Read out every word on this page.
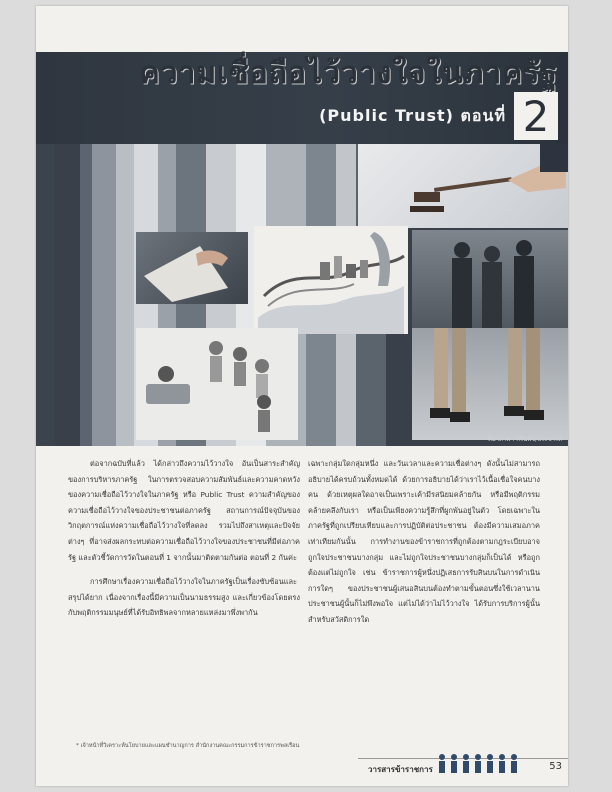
ความเชื่อถือไว้วางใจในภาครัฐ
(Public Trust) ตอนที่ 2
ที่มาภาพ : กรีนพีซ/ประชาไท

ต่อจากฉบับที่แล้ว ได้กล่าวถึงความไว้วางใจ อันเป็นสาระสำคัญของการบริหารภาครัฐ ในการตรวจสอบความสัมพันธ์และความคาดหวังของความเชื่อถือไว้วางใจในภาครัฐ หรือ Public Trust ความสำคัญของความเชื่อถือไว้วางใจของประชาชนต่อภาครัฐ สถานการณ์ปัจจุบันของวิกฤตการณ์แห่งความเชื่อถือไว้วางใจที่ลดลง รวมไปถึงสาเหตุและปัจจัยต่างๆ ที่อาจส่งผลกระทบต่อความเชื่อถือไว้วางใจของประชาชนที่มีต่อภาครัฐ และตัวชี้วัดการวัดในตอนที่ 1 จากนั้นมาติดตามกันต่อ ตอนที่ 2 กันค่ะ

การศึกษาเรื่องความเชื่อถือไว้วางใจในภาครัฐเป็นเรื่องซับซ้อนและสรุปได้ยาก เนื่องจากเรื่องนี้มีความเป็นนามธรรมสูง และเกี่ยวข้องโดยตรงกับพฤติกรรมมนุษย์ที่ได้รับอิทธิพลจากหลายแหล่งมาพึ่งพากัน

เฉพาะกลุ่มใดกลุ่มหนึ่ง และวันเวลาและความเชื่อต่างๆ ดังนั้นไม่สามารถอธิบายได้ครบถ้วนทั้งหมดได้ ด้วยการอธิบายได้ว่าเราไว้เนื้อเชื่อใจคนบางคน ด้วยเหตุผลใดอาจเป็นเพราะเค้ามีรสนิยมคล้ายกัน หรือมีพฤติกรรมคล้ายคลึงกับเรา หรือเป็นเพียงความรู้สึกที่ผูกพันอยู่ในตัว โดยเฉพาะในภาครัฐที่ถูกเปรียบเทียบและการปฏิบัติต่อประชาชน ต้องมีความเสมอภาคเท่าเทียมกันนั้น การทำงานของข้าราชการที่ถูกต้องตามกฎระเบียบอาจถูกใจประชาชนบางกลุ่ม และไม่ถูกใจประชาชนบางกลุ่มก็เป็นได้ หรือถูกต้องแต่ไม่ถูกใจ เช่น ข้าราชการผู้หนึ่งปฏิเสธการรับสินบนในการดำเนินการใดๆ ของประชาชนผู้เสนอสินบนต้องทำตามขั้นตอนซึ่งใช้เวลานาน ประชาชนผู้นั้นก็ไม่พึงพอใจ แต่ไม่ได้ว่าไม่ไว้วางใจ ได้รับการบริการผู้นั้นสำหรับสวัสดิการใด

* เจ้าหน้าที่วิเคราะห์นโยบายและแผนชำนาญการ สำนักงานคณะกรรมการข้าราชการพลเรือน
วารสารข้าราชการ	53
